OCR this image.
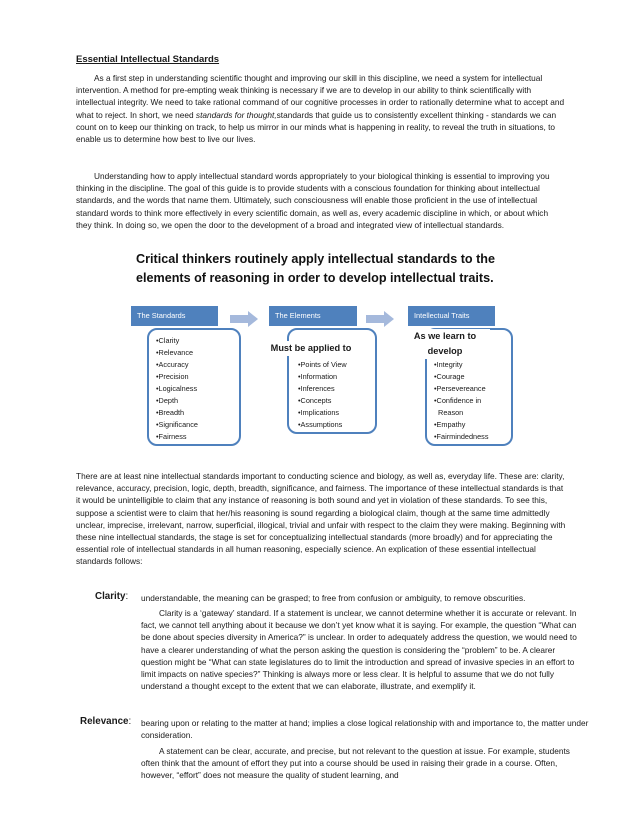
Essential Intellectual Standards
As a first step in understanding scientific thought and improving our skill in this discipline, we need a system for intellectual intervention. A method for pre-empting weak thinking is necessary if we are to develop in our ability to think scientifically with intellectual integrity. We need to take rational command of our cognitive processes in order to rationally determine what to accept and what to reject. In short, we need standards for thought,standards that guide us to consistently excellent thinking - standards we can count on to keep our thinking on track, to help us mirror in our minds what is happening in reality, to reveal the truth in situations, to enable us to determine how best to live our lives.
Understanding how to apply intellectual standard words appropriately to your biological thinking is essential to improving you thinking in the discipline. The goal of this guide is to provide students with a conscious foundation for thinking about intellectual standards, and the words that name them. Ultimately, such consciousness will enable those proficient in the use of intellectual standard words to think more effectively in every scientific domain, as well as, every academic discipline in which, or about which they think. In doing so, we open the door to the development of a broad and integrated view of intellectual standards.
Critical thinkers routinely apply intellectual standards to the elements of reasoning in order to develop intellectual traits.
The Standards
•Clarity
•Relevance
•Accuracy
•Precision
•Logicalness
•Depth
•Breadth
•Significance
•Fairness
The Elements
Must be applied to
•Points of View
•Information
•Inferences
•Concepts
•Implications
•Assumptions
Intellectual Traits
As we learn to
develop
•Integrity
•Courage
•Persevereance
•Confidence in
Reason
•Empathy
•Fairmindedness
There are at least nine intellectual standards important to conducting science and biology, as well as, everyday life. These are: clarity, relevance, accuracy, precision, logic, depth, breadth, significance, and fairness. The importance of these intellectual standards is that it would be unintelligible to claim that any instance of reasoning is both sound and yet in violation of these standards. To see this, suppose a scientist were to claim that her/his reasoning is sound regarding a biological claim, though at the same time admittedly unclear, imprecise, irrelevant, narrow, superficial, illogical, trivial and unfair with respect to the claim they were making. Beginning with these nine intellectual standards, the stage is set for conceptualizing intellectual standards (more broadly) and for appreciating the essential role of intellectual standards in all human reasoning, especially science. An explication of these essential intellectual standards follows:
Clarity: understandable, the meaning can be grasped; to free from confusion or ambiguity, to remove obscurities.
Clarity is a ‘gateway’ standard. If a statement is unclear, we cannot determine whether it is accurate or relevant. In fact, we cannot tell anything about it because we don’t yet know what it is saying. For example, the question “What can be done about species diversity in America?” is unclear. In order to adequately address the question, we would need to have a clearer understanding of what the person asking the question is considering the “problem” to be. A clearer question might be “What can state legislatures do to limit the introduction and spread of invasive species in an effort to limit impacts on native species?” Thinking is always more or less clear. It is helpful to assume that we do not fully understand a thought except to the extent that we can elaborate, illustrate, and exemplify it.
Relevance: bearing upon or relating to the matter at hand; implies a close logical relationship with and importance to, the matter under consideration.
A statement can be clear, accurate, and precise, but not relevant to the question at issue. For example, students often think that the amount of effort they put into a course should be used in raising their grade in a course. Often, however, “effort” does not measure the quality of student learning, and
